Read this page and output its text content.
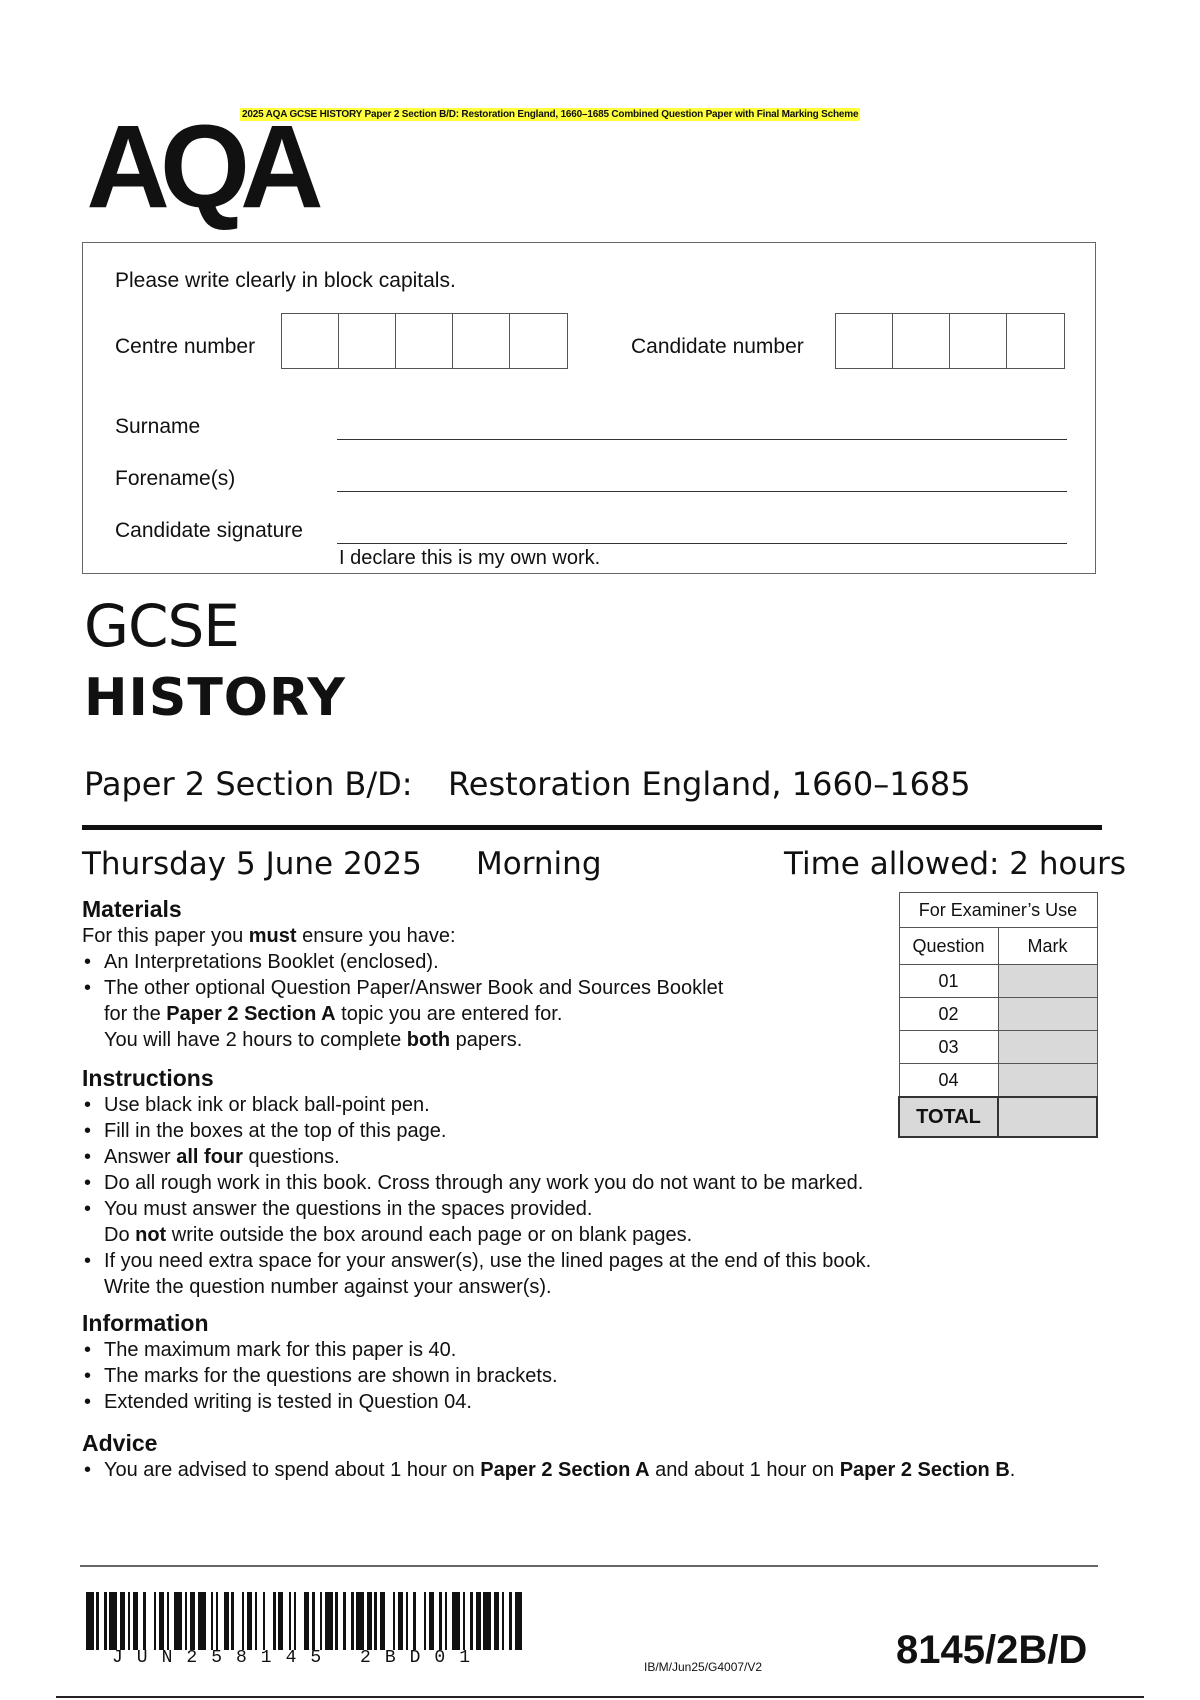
2025 AQA GCSE HISTORY Paper 2 Section B/D: Restoration England, 1660–1685 Combined Question Paper with Final Marking Scheme
AQA
Please write clearly in block capitals.
Centre number	Candidate number
Surname
Forename(s)
Candidate signature
I declare this is my own work.
GCSE
HISTORY
Paper 2 Section B/D: Restoration England, 1660–1685
Thursday 5 June 2025 Morning	Time allowed: 2 hours
Materials
For this paper you must ensure you have:
• An Interpretations Booklet (enclosed).
• The other optional Question Paper/Answer Book and Sources Booklet
for the Paper 2 Section A topic you are entered for.
You will have 2 hours to complete both papers.
Instructions
• Use black ink or black ball-point pen.
• Fill in the boxes at the top of this page.
• Answer all four questions.
• Do all rough work in this book. Cross through any work you do not want to be marked.
• You must answer the questions in the spaces provided.
Do not write outside the box around each page or on blank pages.
• If you need extra space for your answer(s), use the lined pages at the end of this book.
Write the question number against your answer(s).
Information
• The maximum mark for this paper is 40.
• The marks for the questions are shown in brackets.
• Extended writing is tested in Question 04.
Advice
• You are advised to spend about 1 hour on Paper 2 Section A and about 1 hour on Paper 2 Section B.
For Examiner’s Use	
Question	Mark
01	
02	
03	
04	
TOTAL	
JUN258145 2BD01	IB/M/Jun25/G4007/V2	8145/2B/D
